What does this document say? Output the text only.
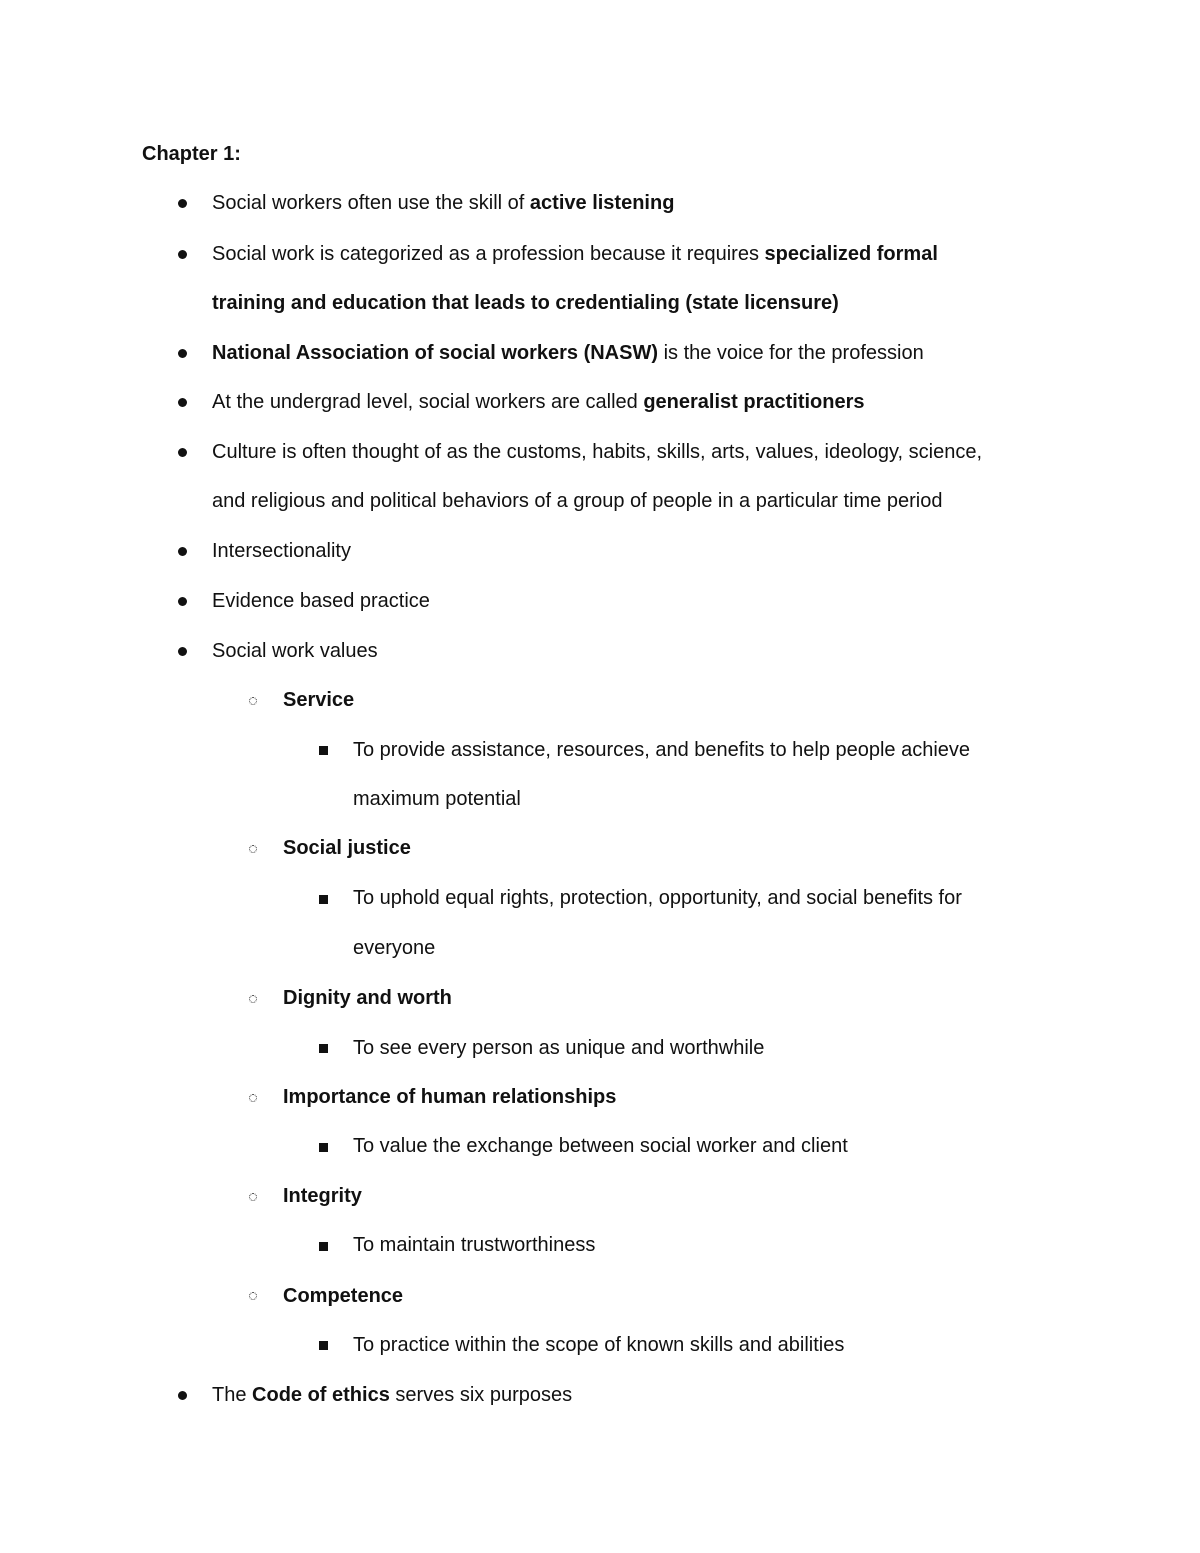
Chapter 1:
Social workers often use the skill of active listening
Social work is categorized as a profession because it requires specialized formal
training and education that leads to credentialing (state licensure)
National Association of social workers (NASW) is the voice for the profession
At the undergrad level, social workers are called generalist practitioners
Culture is often thought of as the customs, habits, skills, arts, values, ideology, science,
and religious and political behaviors of a group of people in a particular time period
Intersectionality
Evidence based practice
Social work values
Service
To provide assistance, resources, and benefits to help people achieve
maximum potential
Social justice
To uphold equal rights, protection, opportunity, and social benefits for
everyone
Dignity and worth
To see every person as unique and worthwhile
Importance of human relationships
To value the exchange between social worker and client
Integrity
To maintain trustworthiness
Competence
To practice within the scope of known skills and abilities
The Code of ethics serves six purposes
